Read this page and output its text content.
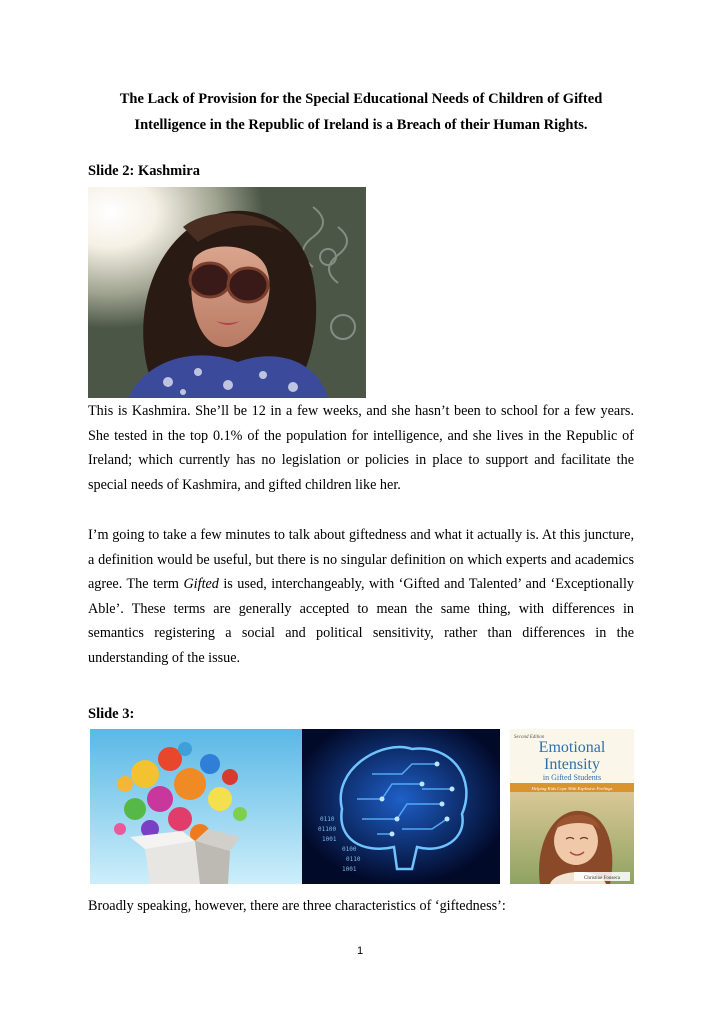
The Lack of Provision for the Special Educational Needs of Children of Gifted
Intelligence in the Republic of Ireland is a Breach of their Human Rights.
Slide 2: Kashmira

This is Kashmira. She’ll be 12 in a few weeks, and she hasn’t been to school for a few years. She tested in the top 0.1% of the population for intelligence, and she lives in the Republic of Ireland; which currently has no legislation or policies in place to support and facilitate the special needs of Kashmira, and gifted children like her.

I’m going to take a few minutes to talk about giftedness and what it actually is. At this juncture, a definition would be useful, but there is no singular definition on which experts and academics agree. The term Gifted is used, interchangeably, with ‘Gifted and Talented’ and ‘Exceptionally Able’. These terms are generally accepted to mean the same thing, with differences in semantics registering a social and political sensitivity, rather than differences in the understanding of the issue.

Slide 3:
0110
01100
1001
0100
0110
1001
Second Edition
Emotional
Intensity
in Gifted Students
Helping Kids Cope With Explosive Feelings
Christine Fonseca

Broadly speaking, however, there are three characteristics of ‘giftedness’:

1
